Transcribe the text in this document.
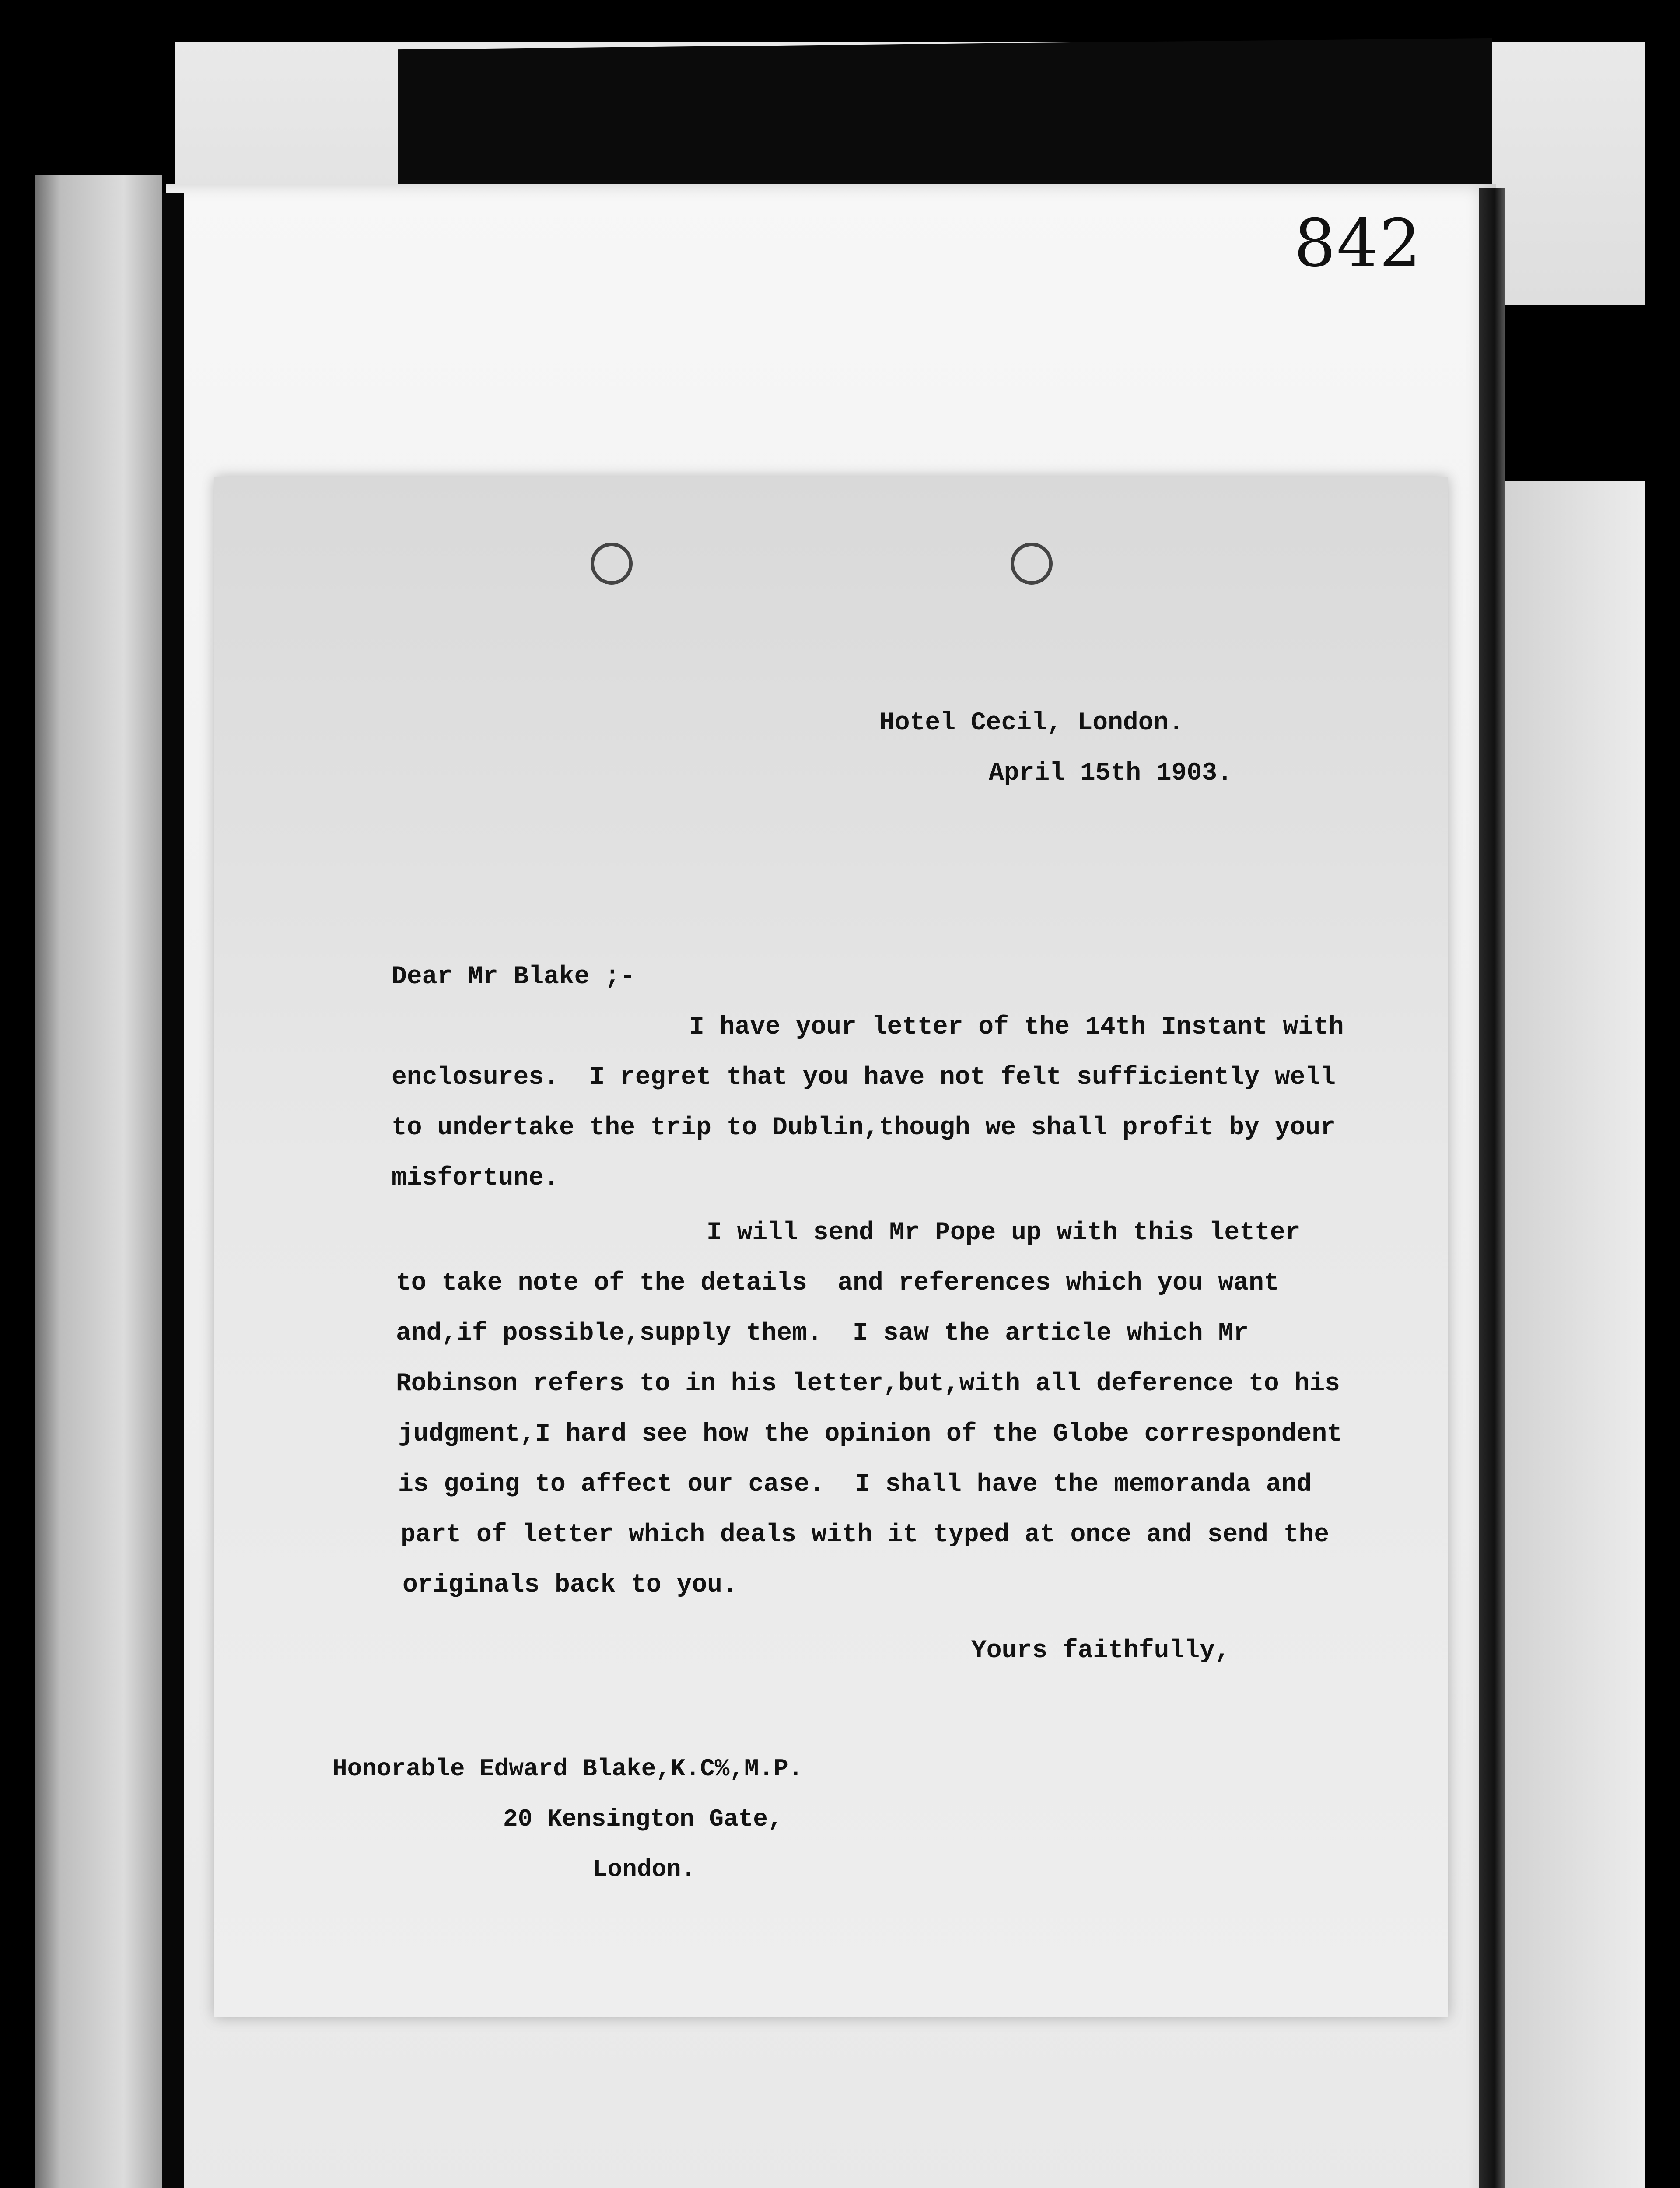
842
Hotel Cecil, London.
April 15th 1903.
Dear Mr Blake ;-
I have your letter of the 14th Instant with
enclosures.  I regret that you have not felt sufficiently well
to undertake the trip to Dublin,though we shall profit by your
misfortune.
I will send Mr Pope up with this letter
to take note of the details  and references which you want
and,if possible,supply them.  I saw the article which Mr
Robinson refers to in his letter,but,with all deference to his
judgment,I hard see how the opinion of the Globe correspondent
is going to affect our case.  I shall have the memoranda and
part of letter which deals with it typed at once and send the
originals back to you.
Yours faithfully,
Honorable Edward Blake,K.C%,M.P.
20 Kensington Gate,
London.
